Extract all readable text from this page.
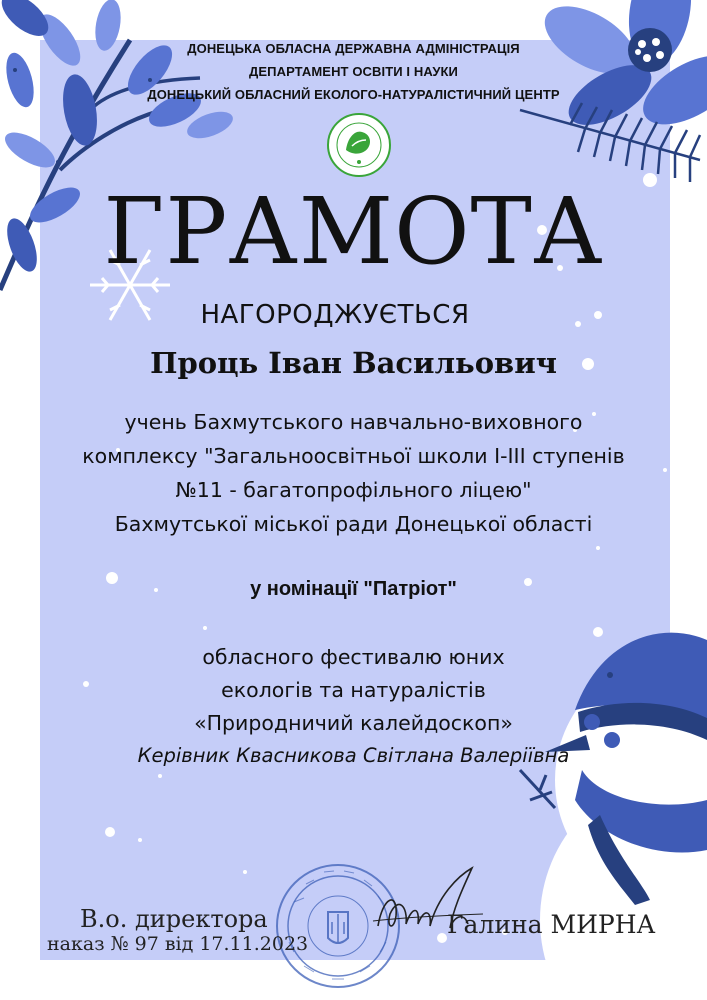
ДОНЕЦЬКА ОБЛАСНА ДЕРЖАВНА АДМІНІСТРАЦІЯ
ДЕПАРТАМЕНТ ОСВІТИ І НАУКИ
ДОНЕЦЬКИЙ ОБЛАСНИЙ ЕКОЛОГО-НАТУРАЛІСТИЧНИЙ ЦЕНТР
ГРАМОТА
НАГОРОДЖУЄТЬСЯ
Проць Іван Васильович
учень Бахмутського навчально-виховного
комплексу "Загальноосвітньої школи І-ІІІ ступенів
№11 - багатопрофільного ліцею"
Бахмутської міської ради Донецької області
у номінації "Патріот"
обласного фестивалю юних
екологів та натуралістів
«Природничий калейдоскоп»
Керівник Квасникова Світлана Валеріївна
В.о. директора
наказ № 97 від 17.11.2023
Галина МИРНА
